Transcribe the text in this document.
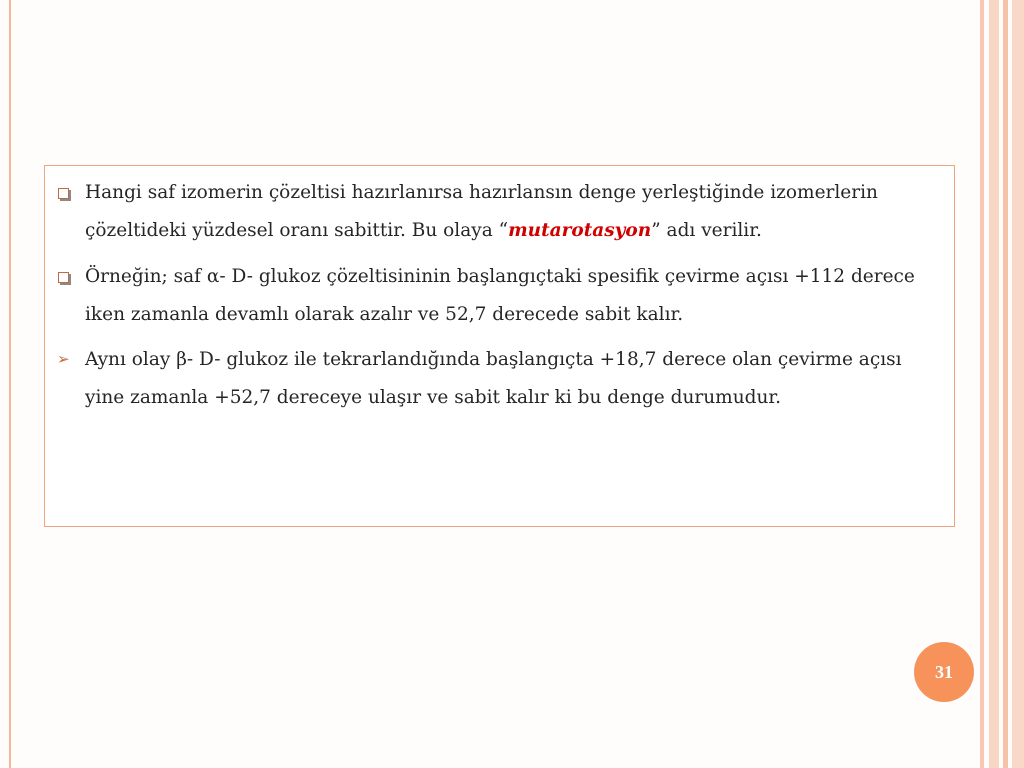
Hangi saf izomerin çözeltisi hazırlanırsa hazırlansın denge yerleştiğinde izomerlerin çözeltideki yüzdesel oranı sabittir. Bu olaya “mutarotasyon” adı verilir.
Örneğin; saf α- D- glukoz çözeltisininin başlangıçtaki spesifik çevirme açısı +112 derece iken zamanla devamlı olarak azalır ve 52,7 derecede sabit kalır.
➢ Aynı olay β- D- glukoz ile tekrarlandığında başlangıçta +18,7 derece olan çevirme açısı yine zamanla +52,7 dereceye ulaşır ve sabit kalır ki bu denge durumudur.
31
